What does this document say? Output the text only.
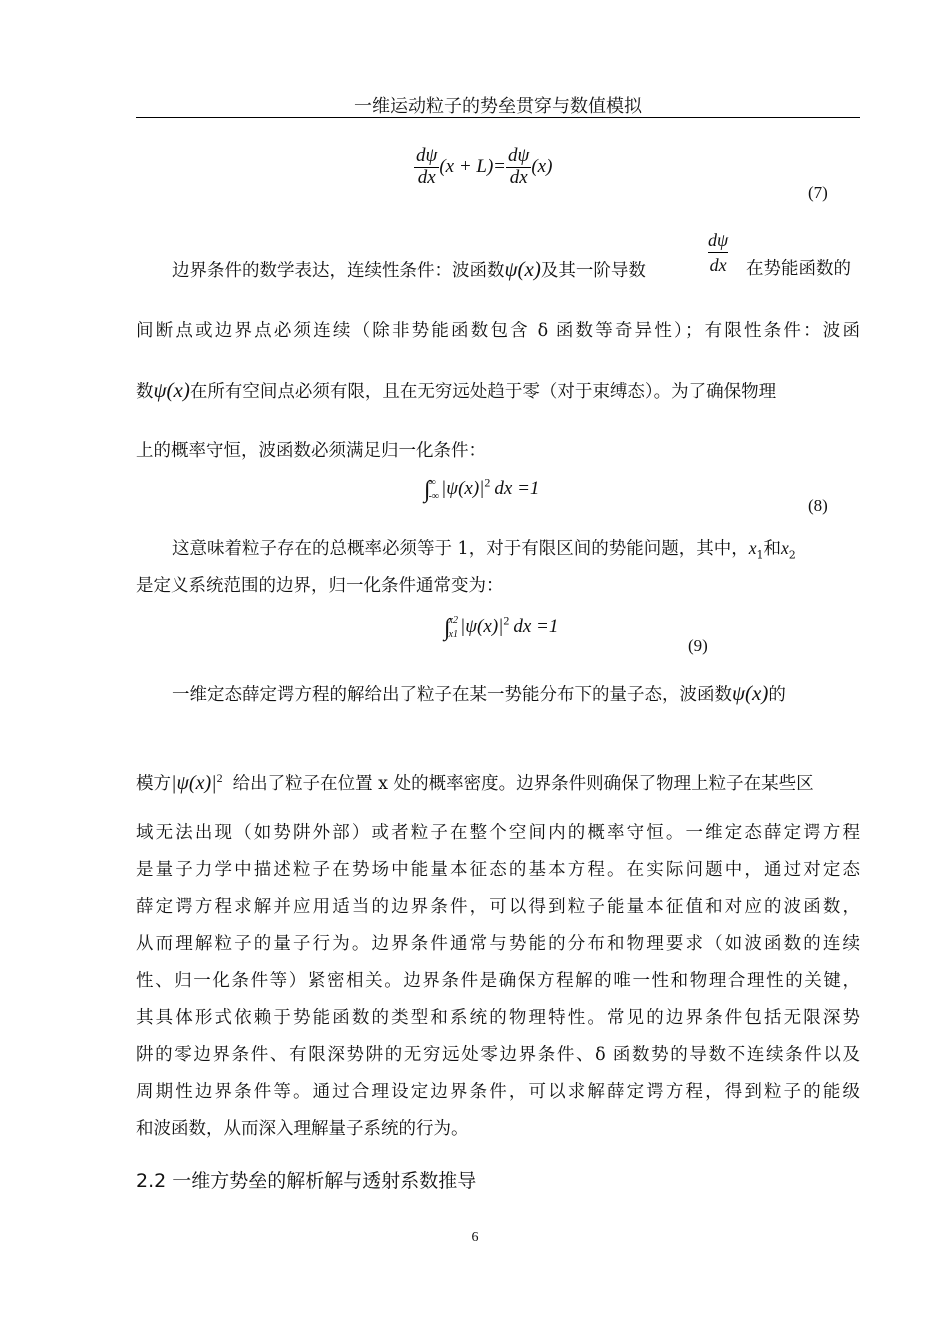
一维运动粒子的势垒贯穿与数值模拟
$\frac{d\psi}{dx} (x + L)= \frac{d\psi}{dx} (x)$
(7)
边界条件的数学表达，连续性条件：波函数ψ(x)及其一阶导数
dψ
dx 在势能函数的
间断点或边界点必须连续（除非势能函数包含 δ 函数等奇异性）；有限性条件：波函
数ψ(x)在所有空间点必须有限，且在无穷远处趋于零（对于束缚态）。为了确保物理
上的概率守恒，波函数必须满足归一化条件：
∫
∞
-∞ $|\psi(x)|^2$ dx =1
(8)
这意味着粒子存在的总概率必须等于 1，对于有限区间的势能问题，其中，$x_1$和$x_2$
是定义系统范围的边界，归一化条件通常变为：
∫
x2
x1 $|\psi(x)|^2$ dx =1
(9)
一维定态薛定谔方程的解给出了粒子在某一势能分布下的量子态，波函数ψ(x)的
模方$|\psi(x)|^2$ 给出了粒子在位置 x 处的概率密度。边界条件则确保了物理上粒子在某些区
域无法出现（如势阱外部）或者粒子在整个空间内的概率守恒。一维定态薛定谔方程
是量子力学中描述粒子在势场中能量本征态的基本方程。在实际问题中，通过对定态
薛定谔方程求解并应用适当的边界条件，可以得到粒子能量本征值和对应的波函数，
从而理解粒子的量子行为。边界条件通常与势能的分布和物理要求（如波函数的连续
性、归一化条件等）紧密相关。边界条件是确保方程解的唯一性和物理合理性的关键，
其具体形式依赖于势能函数的类型和系统的物理特性。常见的边界条件包括无限深势
阱的零边界条件、有限深势阱的无穷远处零边界条件、δ 函数势的导数不连续条件以及
周期性边界条件等。通过合理设定边界条件，可以求解薛定谔方程，得到粒子的能级
和波函数，从而深入理解量子系统的行为。
2.2 一维方势垒的解析解与透射系数推导
6
